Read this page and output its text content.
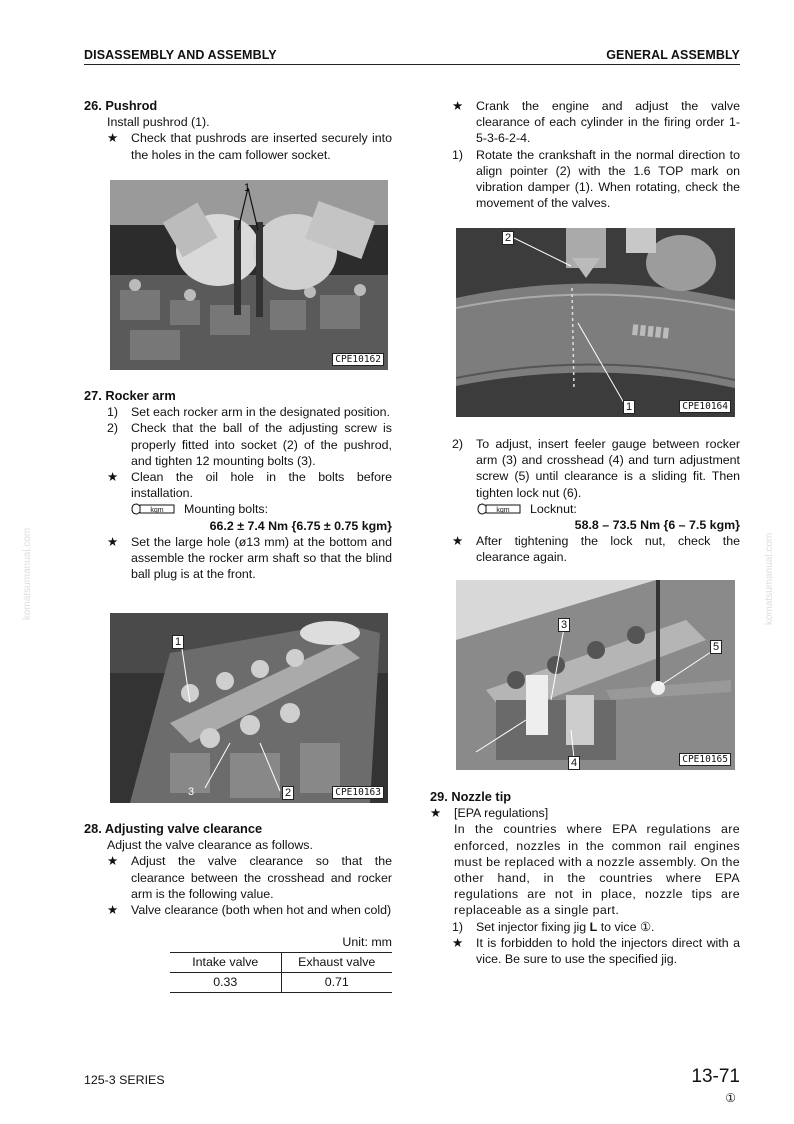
DISASSEMBLY AND ASSEMBLY	GENERAL ASSEMBLY
komatsumanual.com	komatsumanual.com
26. Pushrod
Install pushrod (1).
★	Check that pushrods are inserted securely into the holes in the cam follower socket.
1
CPE10162
27. Rocker arm
1)	Set each rocker arm in the designated position.
2)	Check that the ball of the adjusting screw is properly fitted into socket (2) of the pushrod, and tighten 12 mounting bolts (3).
★	Clean the oil hole in the bolts before installation.
kgm Mounting bolts:
66.2 ± 7.4 Nm {6.75 ± 0.75 kgm}
★	Set the large hole (ø13 mm) at the bottom and assemble the rocker arm shaft so that the blind ball plug is at the front.
1
3	2	CPE10163
28. Adjusting valve clearance
Adjust the valve clearance as follows.
★	Adjust the valve clearance so that the clearance between the crosshead and rocker arm is the following value.
★	Valve clearance (both when hot and when cold)
Unit: mm
Intake valve	Exhaust valve
0.33	0.71
★	Crank the engine and adjust the valve clearance of each cylinder in the firing order 1-5-3-6-2-4.
1)	Rotate the crankshaft in the normal direction to align pointer (2) with the 1.6 TOP mark on vibration damper (1). When rotating, check the movement of the valves.
▮▮▮▮▮
2
1	CPE10164
2)	To adjust, insert feeler gauge between rocker arm (3) and crosshead (4) and turn adjustment screw (5) until clearance is a sliding fit. Then tighten lock nut (6).
kgm Locknut:
58.8 – 73.5 Nm {6 – 7.5 kgm}
★	After tightening the lock nut, check the clearance again.
3
5
4	CPE10165
29. Nozzle tip
★	[EPA regulations]
In the countries where EPA regulations are enforced, nozzles in the common rail engines must be replaced with a nozzle assembly. On the other hand, in the countries where EPA regulations are not in place, nozzle tips are replaceable as a single part.
1)	Set injector fixing jig L to vice ①.
★	It is forbidden to hold the injectors direct with a vice. Be sure to use the specified jig.
125-3 SERIES	13-71
①
